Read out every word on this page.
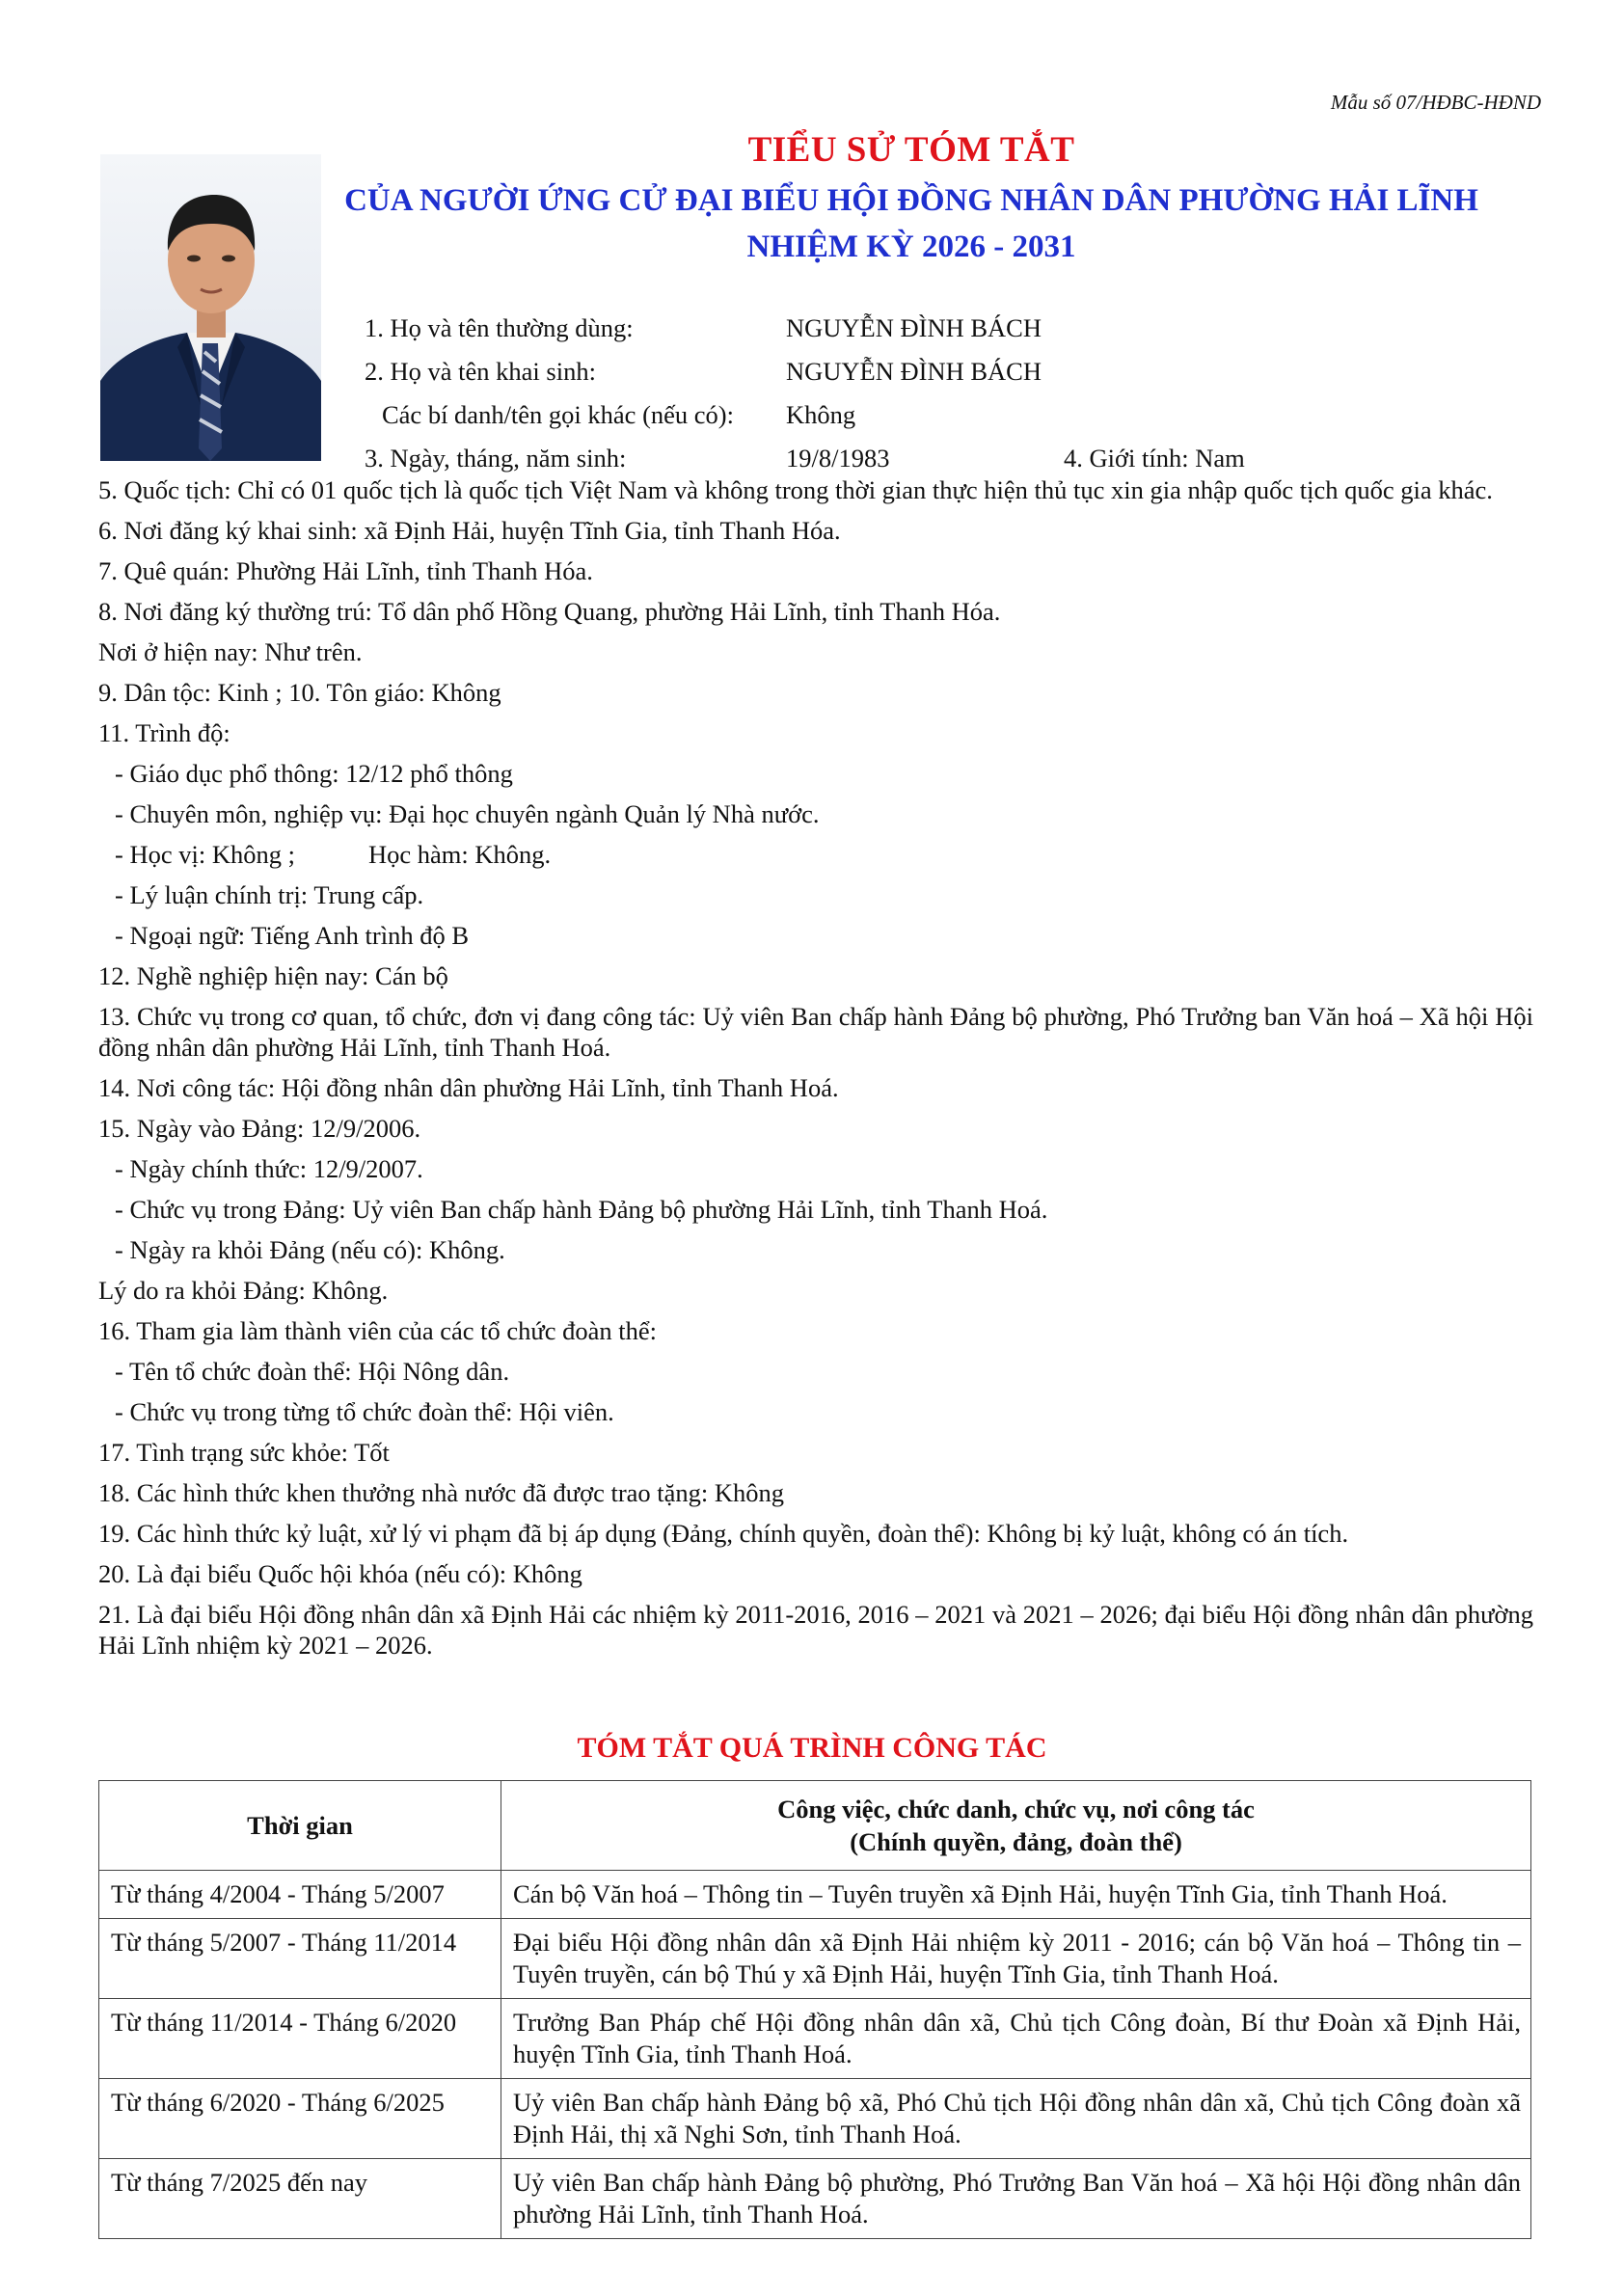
Mẫu số 07/HĐBC-HĐND
TIỂU SỬ TÓM TẮT
CỦA NGƯỜI ỨNG CỬ ĐẠI BIỂU HỘI ĐỒNG NHÂN DÂN PHƯỜNG HẢI LĨNH
NHIỆM KỲ 2026 - 2031
1. Họ và tên thường dùng:	NGUYỄN ĐÌNH BÁCH
2. Họ và tên khai sinh:	NGUYỄN ĐÌNH BÁCH
Các bí danh/tên gọi khác (nếu có):	Không
3. Ngày, tháng, năm sinh:	19/8/1983	4. Giới tính: Nam
5. Quốc tịch: Chỉ có 01 quốc tịch là quốc tịch Việt Nam và không trong thời gian thực hiện thủ tục xin gia nhập quốc tịch quốc gia khác.
6. Nơi đăng ký khai sinh: xã Định Hải, huyện Tĩnh Gia, tỉnh Thanh Hóa.
7. Quê quán: Phường Hải Lĩnh, tỉnh Thanh Hóa.
8. Nơi đăng ký thường trú: Tổ dân phố Hồng Quang, phường Hải Lĩnh, tỉnh Thanh Hóa.
Nơi ở hiện nay: Như trên.
9. Dân tộc: Kinh ; 10. Tôn giáo: Không
11. Trình độ:
- Giáo dục phổ thông: 12/12 phổ thông
- Chuyên môn, nghiệp vụ: Đại học chuyên ngành Quản lý Nhà nước.
- Học vị: Không ;	Học hàm: Không.
- Lý luận chính trị: Trung cấp.
- Ngoại ngữ: Tiếng Anh trình độ B
12. Nghề nghiệp hiện nay: Cán bộ
13. Chức vụ trong cơ quan, tổ chức, đơn vị đang công tác: Uỷ viên Ban chấp hành Đảng bộ phường, Phó Trưởng ban Văn hoá – Xã hội Hội đồng nhân dân phường Hải Lĩnh, tỉnh Thanh Hoá.
14. Nơi công tác: Hội đồng nhân dân phường Hải Lĩnh, tỉnh Thanh Hoá.
15. Ngày vào Đảng: 12/9/2006.
- Ngày chính thức: 12/9/2007.
- Chức vụ trong Đảng: Uỷ viên Ban chấp hành Đảng bộ phường Hải Lĩnh, tỉnh Thanh Hoá.
- Ngày ra khỏi Đảng (nếu có): Không.
Lý do ra khỏi Đảng: Không.
16. Tham gia làm thành viên của các tổ chức đoàn thể:
- Tên tổ chức đoàn thể: Hội Nông dân.
- Chức vụ trong từng tổ chức đoàn thể: Hội viên.
17. Tình trạng sức khỏe: Tốt
18. Các hình thức khen thưởng nhà nước đã được trao tặng: Không
19. Các hình thức kỷ luật, xử lý vi phạm đã bị áp dụng (Đảng, chính quyền, đoàn thể): Không bị kỷ luật, không có án tích.
20. Là đại biểu Quốc hội khóa (nếu có): Không
21. Là đại biểu Hội đồng nhân dân xã Định Hải các nhiệm kỳ 2011-2016, 2016 – 2021 và 2021 – 2026; đại biểu Hội đồng nhân dân phường Hải Lĩnh nhiệm kỳ 2021 – 2026.
TÓM TẮT QUÁ TRÌNH CÔNG TÁC
Thời gian	Công việc, chức danh, chức vụ, nơi công tác
(Chính quyền, đảng, đoàn thể)

Từ tháng 4/2004 - Tháng 5/2007	Cán bộ Văn hoá – Thông tin – Tuyên truyền xã Định Hải, huyện Tĩnh Gia, tỉnh Thanh Hoá.
Từ tháng 5/2007 - Tháng 11/2014	Đại biểu Hội đồng nhân dân xã Định Hải nhiệm kỳ 2011 - 2016; cán bộ Văn hoá – Thông tin – Tuyên truyền, cán bộ Thú y xã Định Hải, huyện Tĩnh Gia, tỉnh Thanh Hoá.
Từ tháng 11/2014 - Tháng 6/2020	Trưởng Ban Pháp chế Hội đồng nhân dân xã, Chủ tịch Công đoàn, Bí thư Đoàn xã Định Hải, huyện Tĩnh Gia, tỉnh Thanh Hoá.
Từ tháng 6/2020 - Tháng 6/2025	Uỷ viên Ban chấp hành Đảng bộ xã, Phó Chủ tịch Hội đồng nhân dân xã, Chủ tịch Công đoàn xã Định Hải, thị xã Nghi Sơn, tỉnh Thanh Hoá.
Từ tháng 7/2025 đến nay	Uỷ viên Ban chấp hành Đảng bộ phường, Phó Trưởng Ban Văn hoá – Xã hội Hội đồng nhân dân phường Hải Lĩnh, tỉnh Thanh Hoá.
